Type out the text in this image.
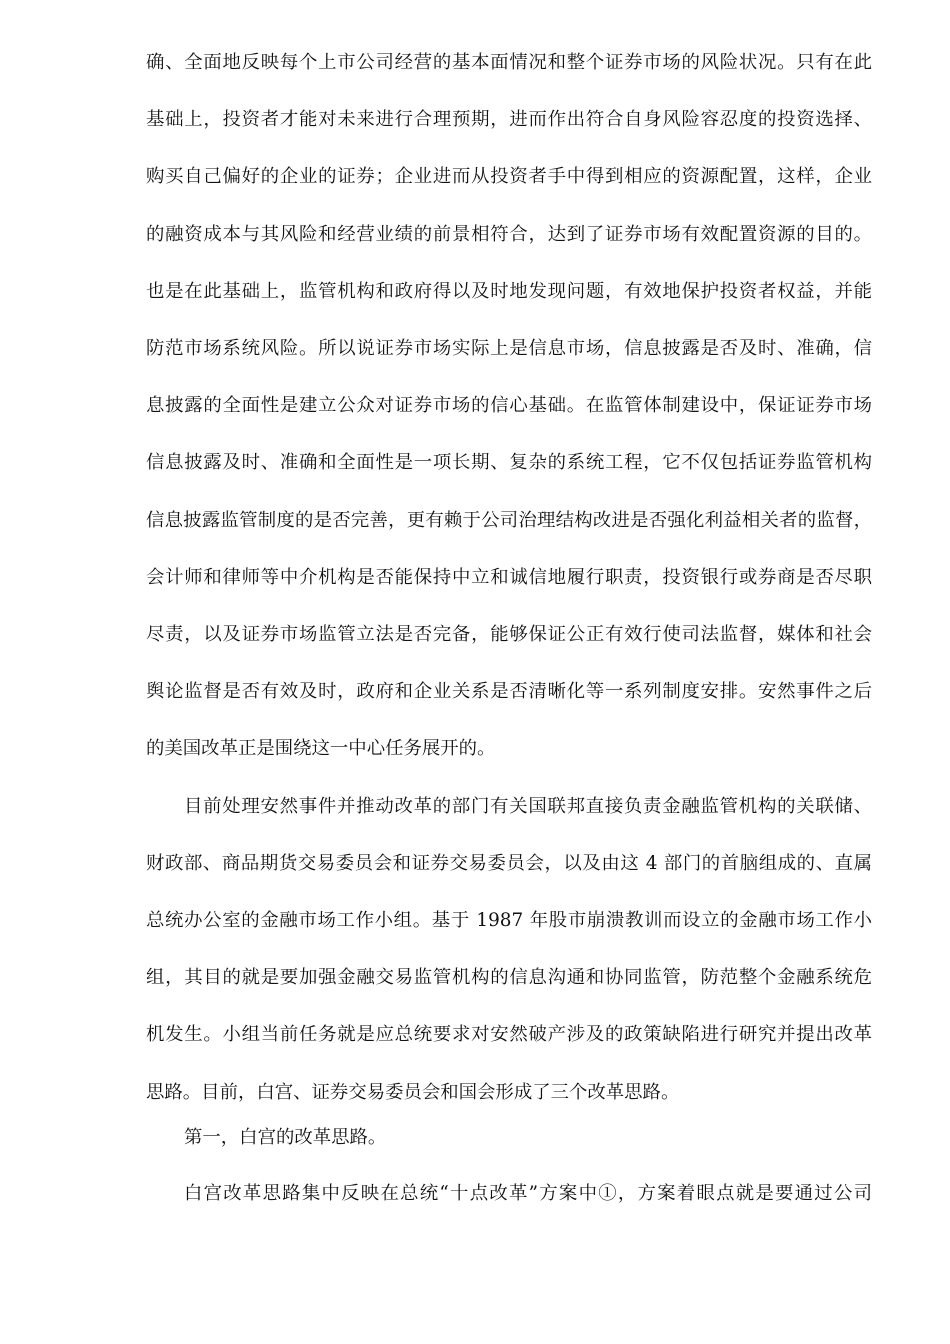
确、全面地反映每个上市公司经营的基本面情况和整个证券市场的风险状况。只有在此

基础上，投资者才能对未来进行合理预期，进而作出符合自身风险容忍度的投资选择、

购买自己偏好的企业的证券；企业进而从投资者手中得到相应的资源配置，这样，企业

的融资成本与其风险和经营业绩的前景相符合，达到了证券市场有效配置资源的目的。

也是在此基础上，监管机构和政府得以及时地发现问题，有效地保护投资者权益，并能

防范市场系统风险。所以说证券市场实际上是信息市场，信息披露是否及时、准确，信

息披露的全面性是建立公众对证券市场的信心基础。在监管体制建设中，保证证券市场

信息披露及时、准确和全面性是一项长期、复杂的系统工程，它不仅包括证券监管机构

信息披露监管制度的是否完善，更有赖于公司治理结构改进是否强化利益相关者的监督，

会计师和律师等中介机构是否能保持中立和诚信地履行职责，投资银行或券商是否尽职

尽责，以及证券市场监管立法是否完备，能够保证公正有效行使司法监督，媒体和社会

舆论监督是否有效及时，政府和企业关系是否清晰化等一系列制度安排。安然事件之后

的美国改革正是围绕这一中心任务展开的。

目前处理安然事件并推动改革的部门有关国联邦直接负责金融监管机构的关联储、

财政部、商品期货交易委员会和证券交易委员会，以及由这 4 部门的首脑组成的、直属

总统办公室的金融市场工作小组。基于 1987 年股市崩溃教训而设立的金融市场工作小

组，其目的就是要加强金融交易监管机构的信息沟通和协同监管，防范整个金融系统危

机发生。小组当前任务就是应总统要求对安然破产涉及的政策缺陷进行研究并提出改革

思路。目前，白宫、证券交易委员会和国会形成了三个改革思路。

第一，白宫的改革思路。

白宫改革思路集中反映在总统“十点改革”方案中①，方案着眼点就是要通过公司
